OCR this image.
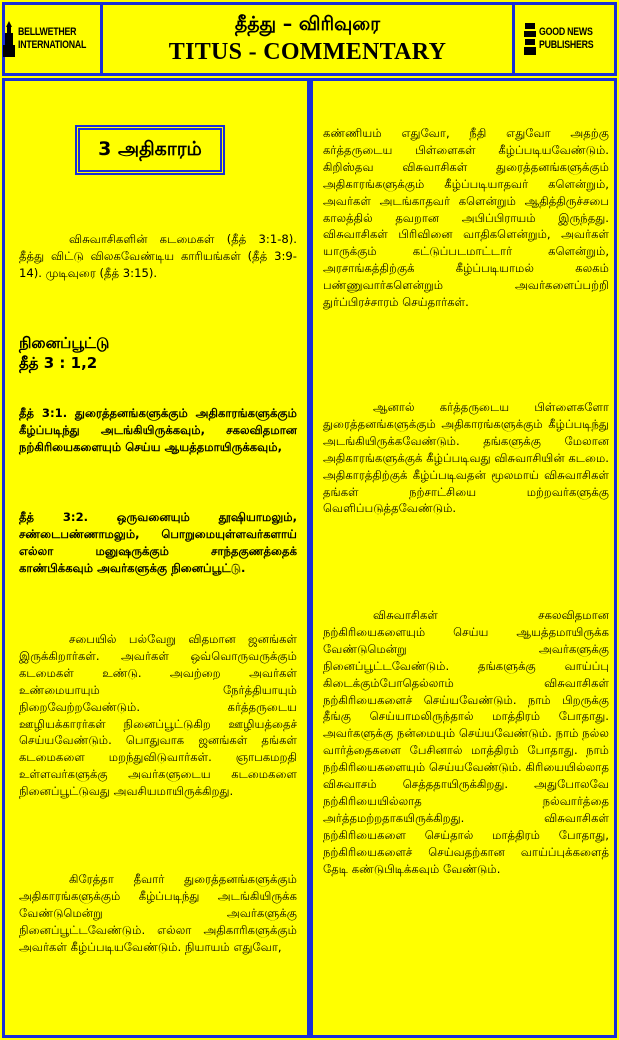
BELLWETHER
INTERNATIONAL
தீத்து – விரிவுரை
TITUS - COMMENTARY
GOOD NEWS
PUBLISHERS
3 அதிகாரம்

விசுவாசிகளின் கடமைகள் (தீத் 3:1-8). தீத்து விட்டு விலகவேண்டிய காரியங்கள் (தீத் 3:9-14). முடிவுரை (தீத் 3:15).

நினைப்பூட்டு
தீத் 3 : 1,2

தீத் 3:1. துரைத்தனங்களுக்கும் அதிகாரங்களுக்கும் கீழ்ப்படிந்து அடங்கியிருக்கவும், சகலவிதமான நற்கிரியைகளையும் செய்ய ஆயத்தமாயிருக்கவும்,

தீத் 3:2. ஒருவனையும் தூஷியாமலும், சண்டைபண்ணாமலும், பொறுமையுள்ளவர்களாய் எல்லா மனுஷருக்கும் சாந்தகுணத்தைக் காண்பிக்கவும் அவர்களுக்கு நினைப்பூட்டு.

சபையில் பல்வேறு விதமான ஜனங்கள் இருக்கிறார்கள். அவர்கள் ஒவ்வொருவருக்கும் கடமைகள் உண்டு. அவற்றை அவர்கள் உண்மையாயும் நேர்த்தியாயும் நிறைவேற்றவேண்டும். கர்த்தருடைய ஊழியக்காரர்கள் நினைப்பூட்டுகிற ஊழியத்தைச் செய்யவேண்டும். பொதுவாக ஜனங்கள் தங்கள் கடமைகளை மறந்துவிடுவார்கள். ஞாபகமறதி உள்ளவர்களுக்கு அவர்களுடைய கடமைகளை நினைப்பூட்டுவது அவசியமாயிருக்கிறது.

கிரேத்தா தீவார் துரைத்தனங்களுக்கும் அதிகாரங்களுக்கும் கீழ்ப்படிந்து அடங்கியிருக்க வேண்டுமென்று அவர்களுக்கு நினைப்பூட்டவேண்டும். எல்லா அதிகாரிகளுக்கும் அவர்கள் கீழ்ப்படியவேண்டும். நியாயம் எதுவோ,

கண்ணியம் எதுவோ, நீதி எதுவோ அதற்கு கர்த்தருடைய பிள்ளைகள் கீழ்ப்படியவேண்டும். கிறிஸ்தவ விசுவாசிகள் துரைத்தனங்களுக்கும் அதிகாரங்களுக்கும் கீழ்ப்படியாதவர் களென்றும், அவர்கள் அடங்காதவர் களென்றும் ஆதித்திருச்சபை காலத்தில் தவறான அபிப்பிராயம் இருந்தது. விசுவாசிகள் பிரிவினை வாதிகளென்றும், அவர்கள் யாருக்கும் கட்டுப்படமாட்டார் களென்றும், அரசாங்கத்திற்குக் கீழ்ப்படியாமல் கலகம் பண்ணுவார்களென்றும் அவர்களைப்பற்றி துர்ப்பிரச்சாரம் செய்தார்கள்.

ஆனால் கர்த்தருடைய பிள்ளைகளோ துரைத்தனங்களுக்கும் அதிகாரங்களுக்கும் கீழ்ப்படிந்து அடங்கியிருக்கவேண்டும். தங்களுக்கு மேலான அதிகாரங்களுக்குக் கீழ்ப்படிவது விசுவாசியின் கடமை. அதிகாரத்திற்குக் கீழ்ப்படிவதன் மூலமாய் விசுவாசிகள் தங்கள் நற்சாட்சியை மற்றவர்களுக்கு வெளிப்படுத்தவேண்டும்.

விசுவாசிகள் சகலவிதமான நற்கிரியைகளையும் செய்ய ஆயத்தமாயிருக்க வேண்டுமென்று அவர்களுக்கு நினைப்பூட்டவேண்டும். தங்களுக்கு வாய்ப்பு கிடைக்கும்போதெல்லாம் விசுவாசிகள் நற்கிரியைகளைச் செய்யவேண்டும். நாம் பிறருக்கு தீங்கு செய்யாமலிருந்தால் மாத்திரம் போதாது. அவர்களுக்கு நன்மையும் செய்யவேண்டும். நாம் நல்ல வார்த்தைகளை பேசினால் மாத்திரம் போதாது. நாம் நற்கிரியைகளையும் செய்யவேண்டும். கிரியையில்லாத விசுவாசம் செத்ததாயிருக்கிறது. அதுபோலவே நற்கிரியையில்லாத நல்வார்த்தை அர்த்தமற்றதாகயிருக்கிறது. விசுவாசிகள் நற்கிரியைகளை செய்தால் மாத்திரம் போதாது, நற்கிரியைகளைச் செய்வதற்கான வாய்ப்புக்களைத் தேடி கண்டுபிடிக்கவும் வேண்டும்.
